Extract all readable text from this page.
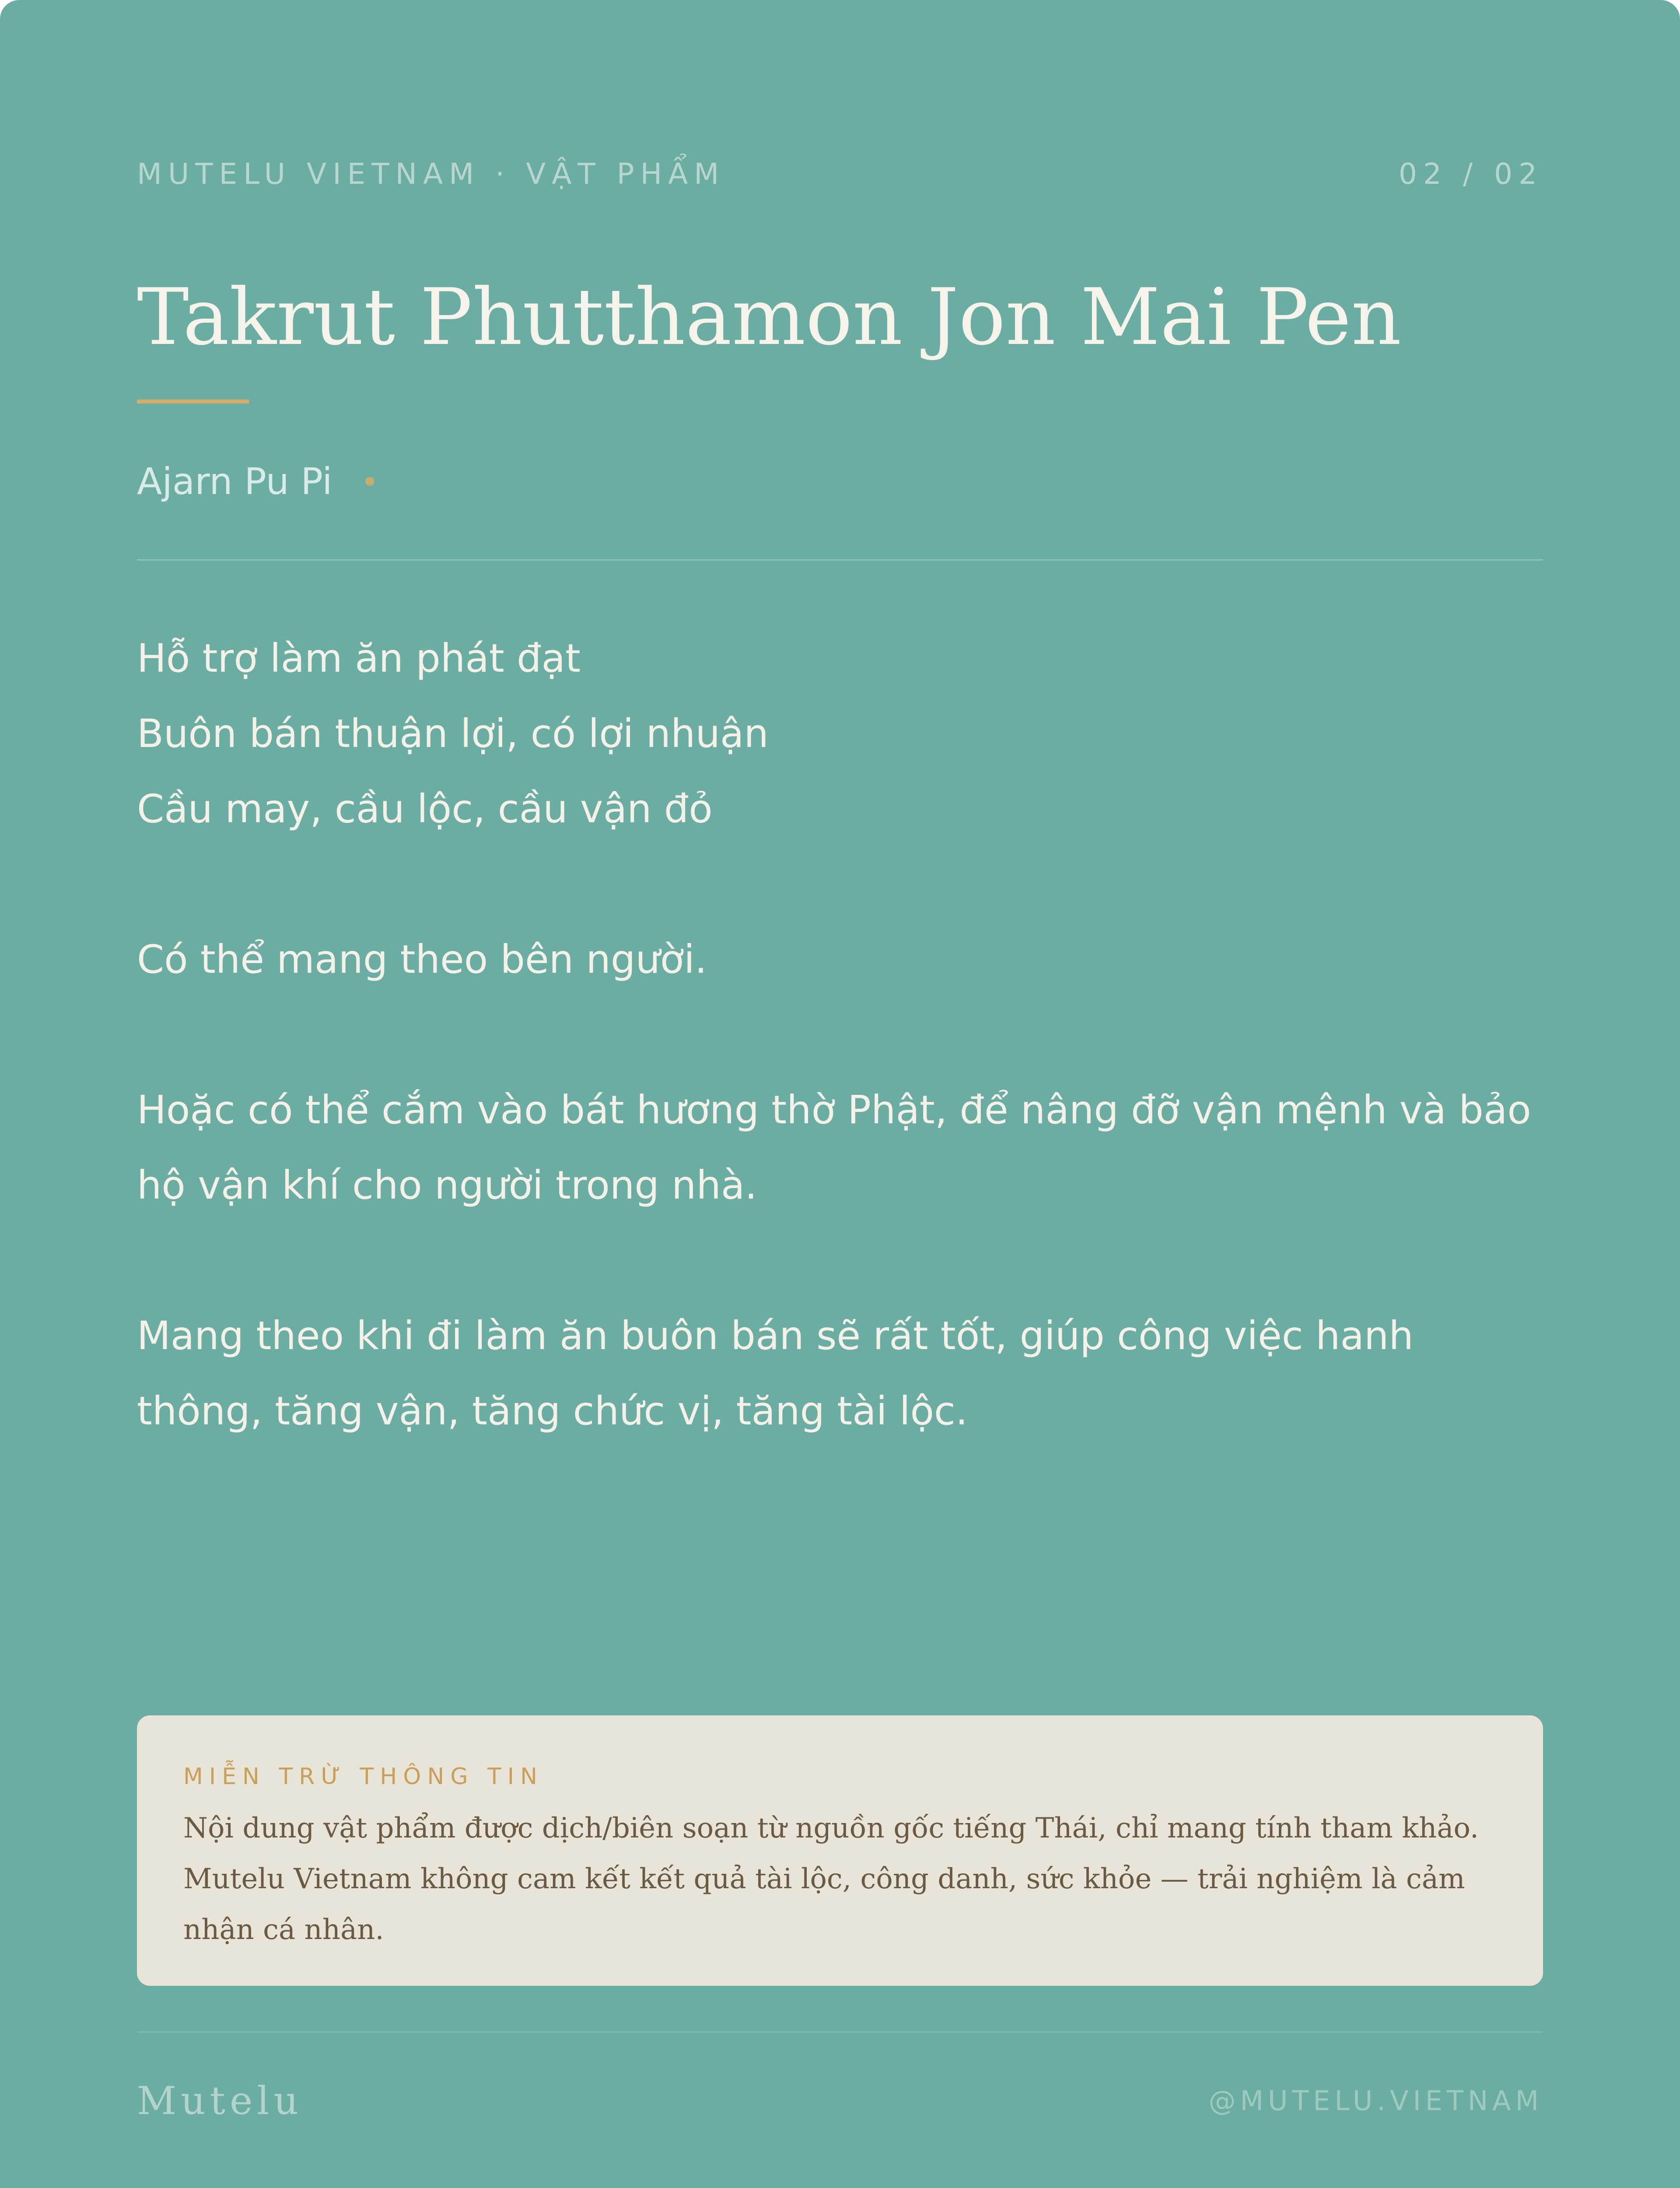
MUTELU VIETNAM · VẬT PHẨM	02 / 02
Takrut Phutthamon Jon Mai Pen
Ajarn Pu Pi

Hỗ trợ làm ăn phát đạt
Buôn bán thuận lợi, có lợi nhuận
Cầu may, cầu lộc, cầu vận đỏ

Có thể mang theo bên người.

Hoặc có thể cắm vào bát hương thờ Phật, để nâng đỡ vận mệnh và bảo hộ vận khí cho người trong nhà.

Mang theo khi đi làm ăn buôn bán sẽ rất tốt, giúp công việc hanh thông, tăng vận, tăng chức vị, tăng tài lộc.

MIỄN TRỪ THÔNG TIN
Nội dung vật phẩm được dịch/biên soạn từ nguồn gốc tiếng Thái, chỉ mang tính tham khảo. Mutelu Vietnam không cam kết kết quả tài lộc, công danh, sức khỏe — trải nghiệm là cảm nhận cá nhân.
Mutelu	@MUTELU.VIETNAM
